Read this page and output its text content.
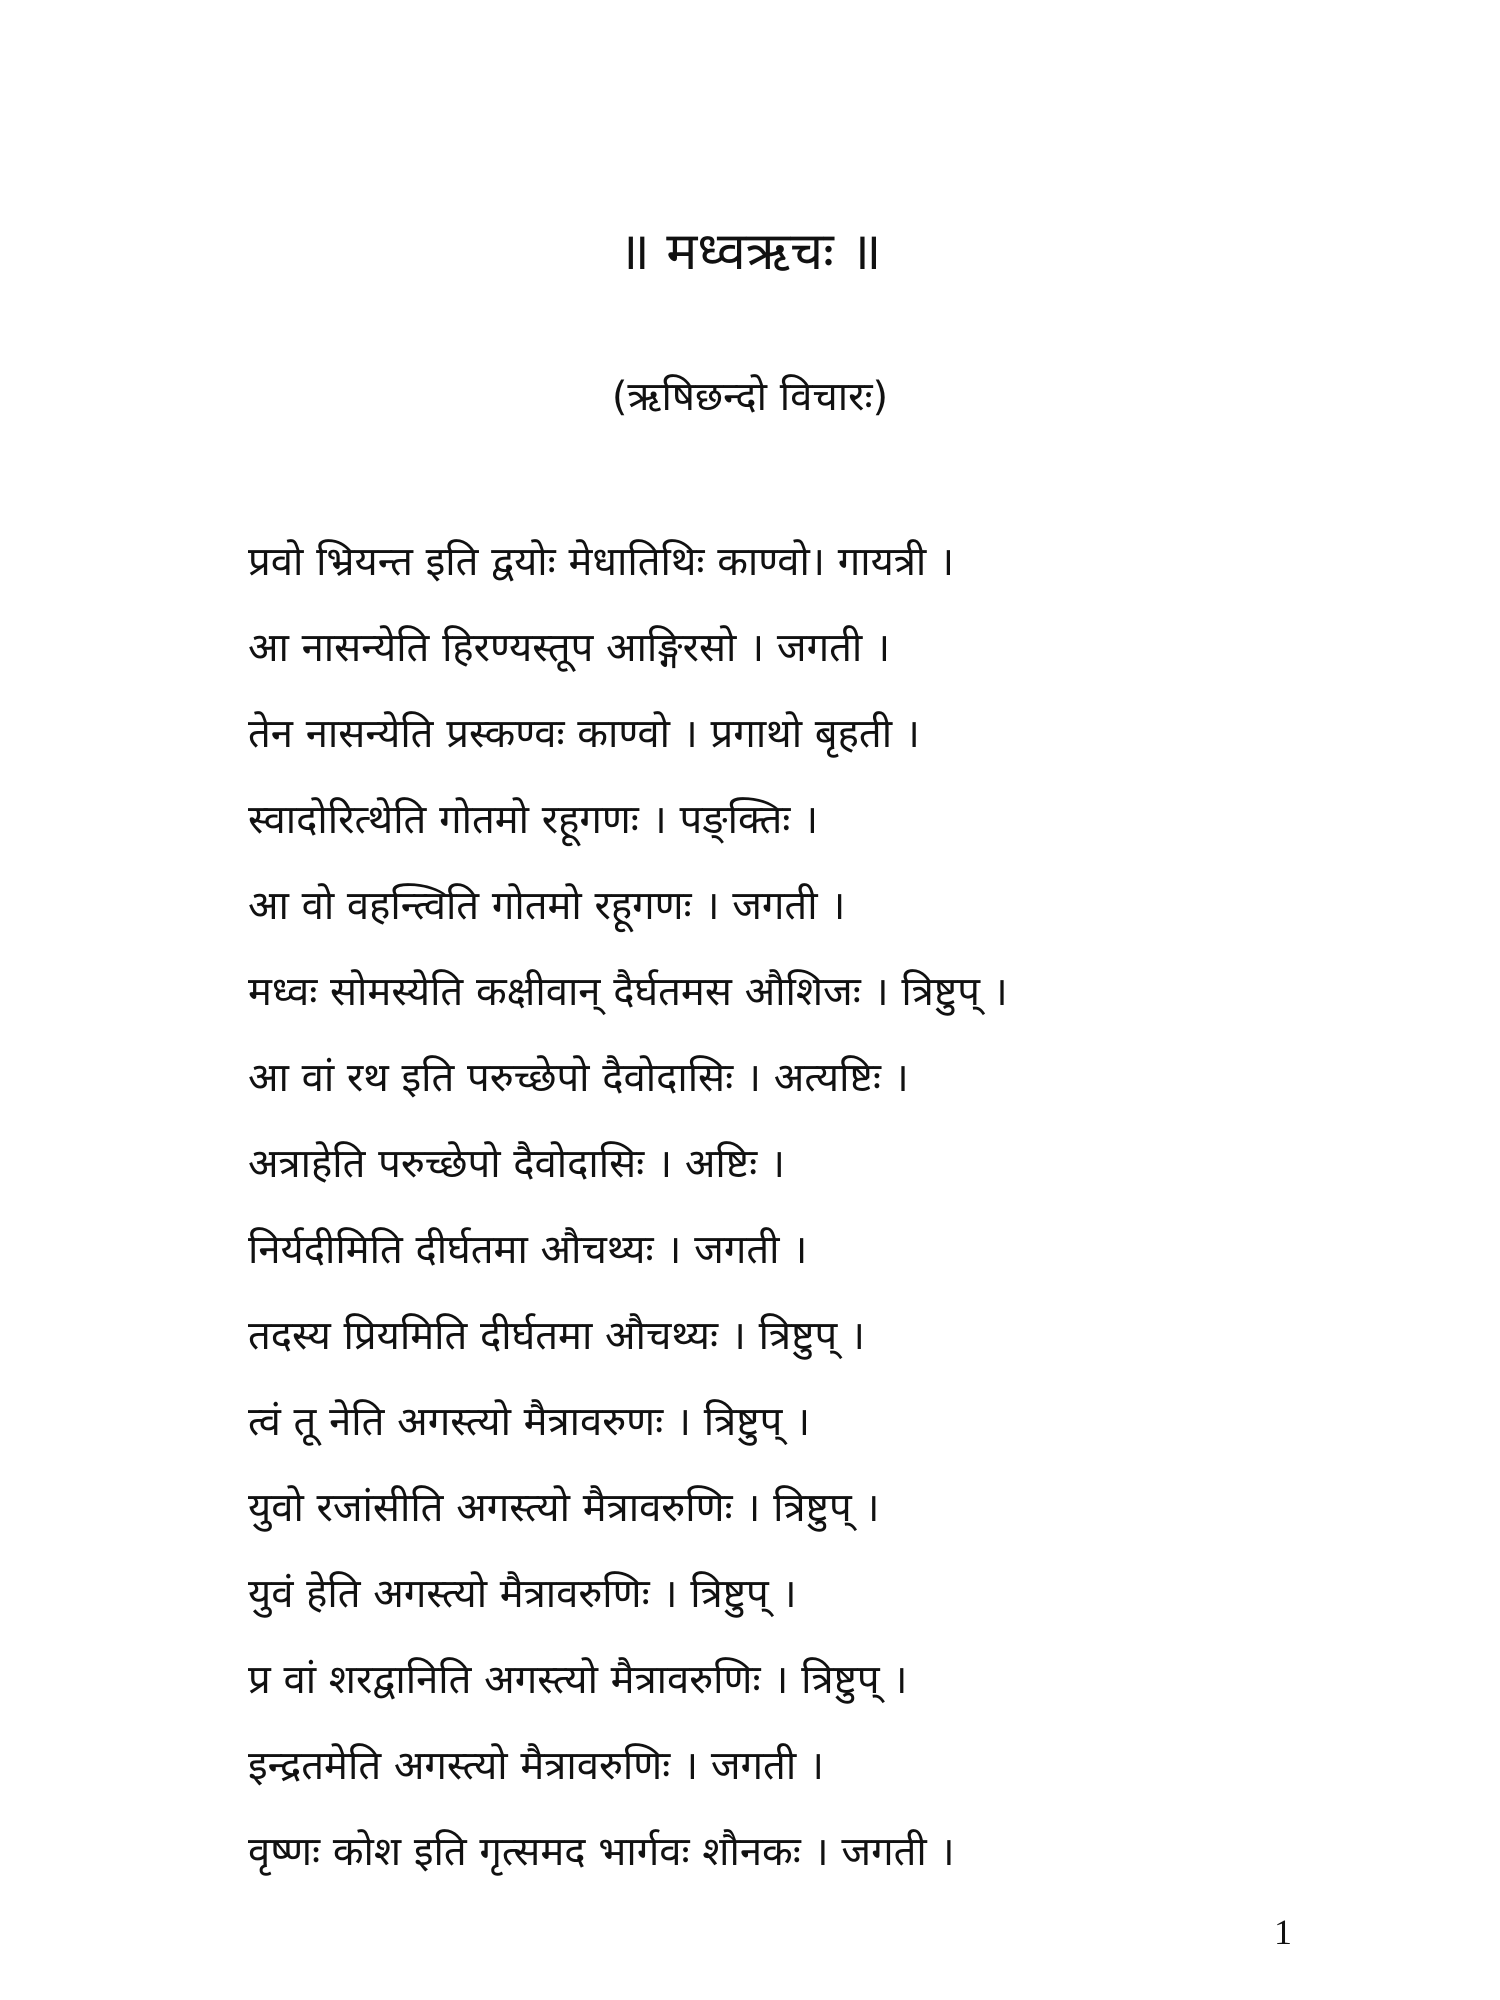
॥ मध्वऋचः ॥
(ऋषिछन्दो विचारः)
प्रवो भ्रियन्त इति द्वयोः मेधातिथिः काण्वो। गायत्री ।
आ नासन्येति हिरण्यस्तूप आङ्गिरसो । जगती ।
तेन नासन्येति प्रस्कण्वः काण्वो । प्रगाथो बृहती ।
स्वादोरित्थेति गोतमो रहूगणः । पङ्क्तिः ।
आ वो वहन्त्विति गोतमो रहूगणः । जगती ।
मध्वः सोमस्येति कक्षीवान् दैर्घतमस औशिजः । त्रिष्टुप् ।
आ वां रथ इति परुच्छेपो दैवोदासिः । अत्यष्टिः ।
अत्राहेति परुच्छेपो दैवोदासिः । अष्टिः ।
निर्यदीमिति दीर्घतमा औचथ्यः । जगती ।
तदस्य प्रियमिति दीर्घतमा औचथ्यः । त्रिष्टुप् ।
त्वं तू नेति अगस्त्यो मैत्रावरुणः । त्रिष्टुप् ।
युवो रजांसीति अगस्त्यो मैत्रावरुणिः । त्रिष्टुप् ।
युवं हेति अगस्त्यो मैत्रावरुणिः । त्रिष्टुप् ।
प्र वां शरद्वानिति अगस्त्यो मैत्रावरुणिः । त्रिष्टुप् ।
इन्द्रतमेति अगस्त्यो मैत्रावरुणिः । जगती ।
वृष्णः कोश इति गृत्समद भार्गवः शौनकः । जगती ।
1
